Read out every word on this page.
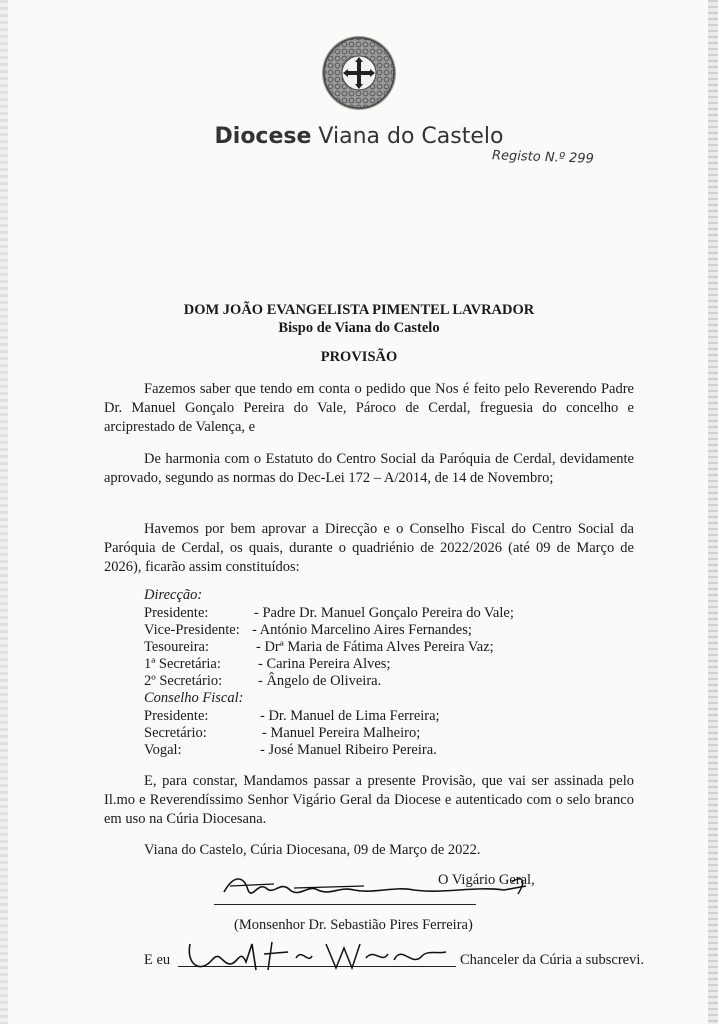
Diocese Viana do Castelo
Registo N.º 299
DOM JOÃO EVANGELISTA PIMENTEL LAVRADOR
Bispo de Viana do Castelo
PROVISÃO
Fazemos saber que tendo em conta o pedido que Nos é feito pelo Reverendo Padre Dr. Manuel Gonçalo Pereira do Vale, Pároco de Cerdal, freguesia do concelho e arciprestado de Valença, e
De harmonia com o Estatuto do Centro Social da Paróquia de Cerdal, devidamente aprovado, segundo as normas do Dec-Lei 172 – A/2014, de 14 de Novembro;
Havemos por bem aprovar a Direcção e o Conselho Fiscal do Centro Social da Paróquia de Cerdal, os quais, durante o quadriénio de 2022/2026 (até 09 de Março de 2026), ficarão assim constituídos:
Direcção:
Presidente:	- Padre Dr. Manuel Gonçalo Pereira do Vale;
Vice-Presidente: - António Marcelino Aires Fernandes;
Tesoureira:	- Drª Maria de Fátima Alves Pereira Vaz;
1ª Secretária:	- Carina Pereira Alves;
2º Secretário: - Ângelo de Oliveira.
Conselho Fiscal:
Presidente:	- Dr. Manuel de Lima Ferreira;
Secretário:	- Manuel Pereira Malheiro;
Vogal:	- José Manuel Ribeiro Pereira.
E, para constar, Mandamos passar a presente Provisão, que vai ser assinada pelo Il.mo e Reverendíssimo Senhor Vigário Geral da Diocese e autenticado com o selo branco em uso na Cúria Diocesana.
Viana do Castelo, Cúria Diocesana, 09 de Março de 2022.
O Vigário Geral,
(Monsenhor Dr. Sebastião Pires Ferreira)
E eu	Chanceler da Cúria a subscrevi.
